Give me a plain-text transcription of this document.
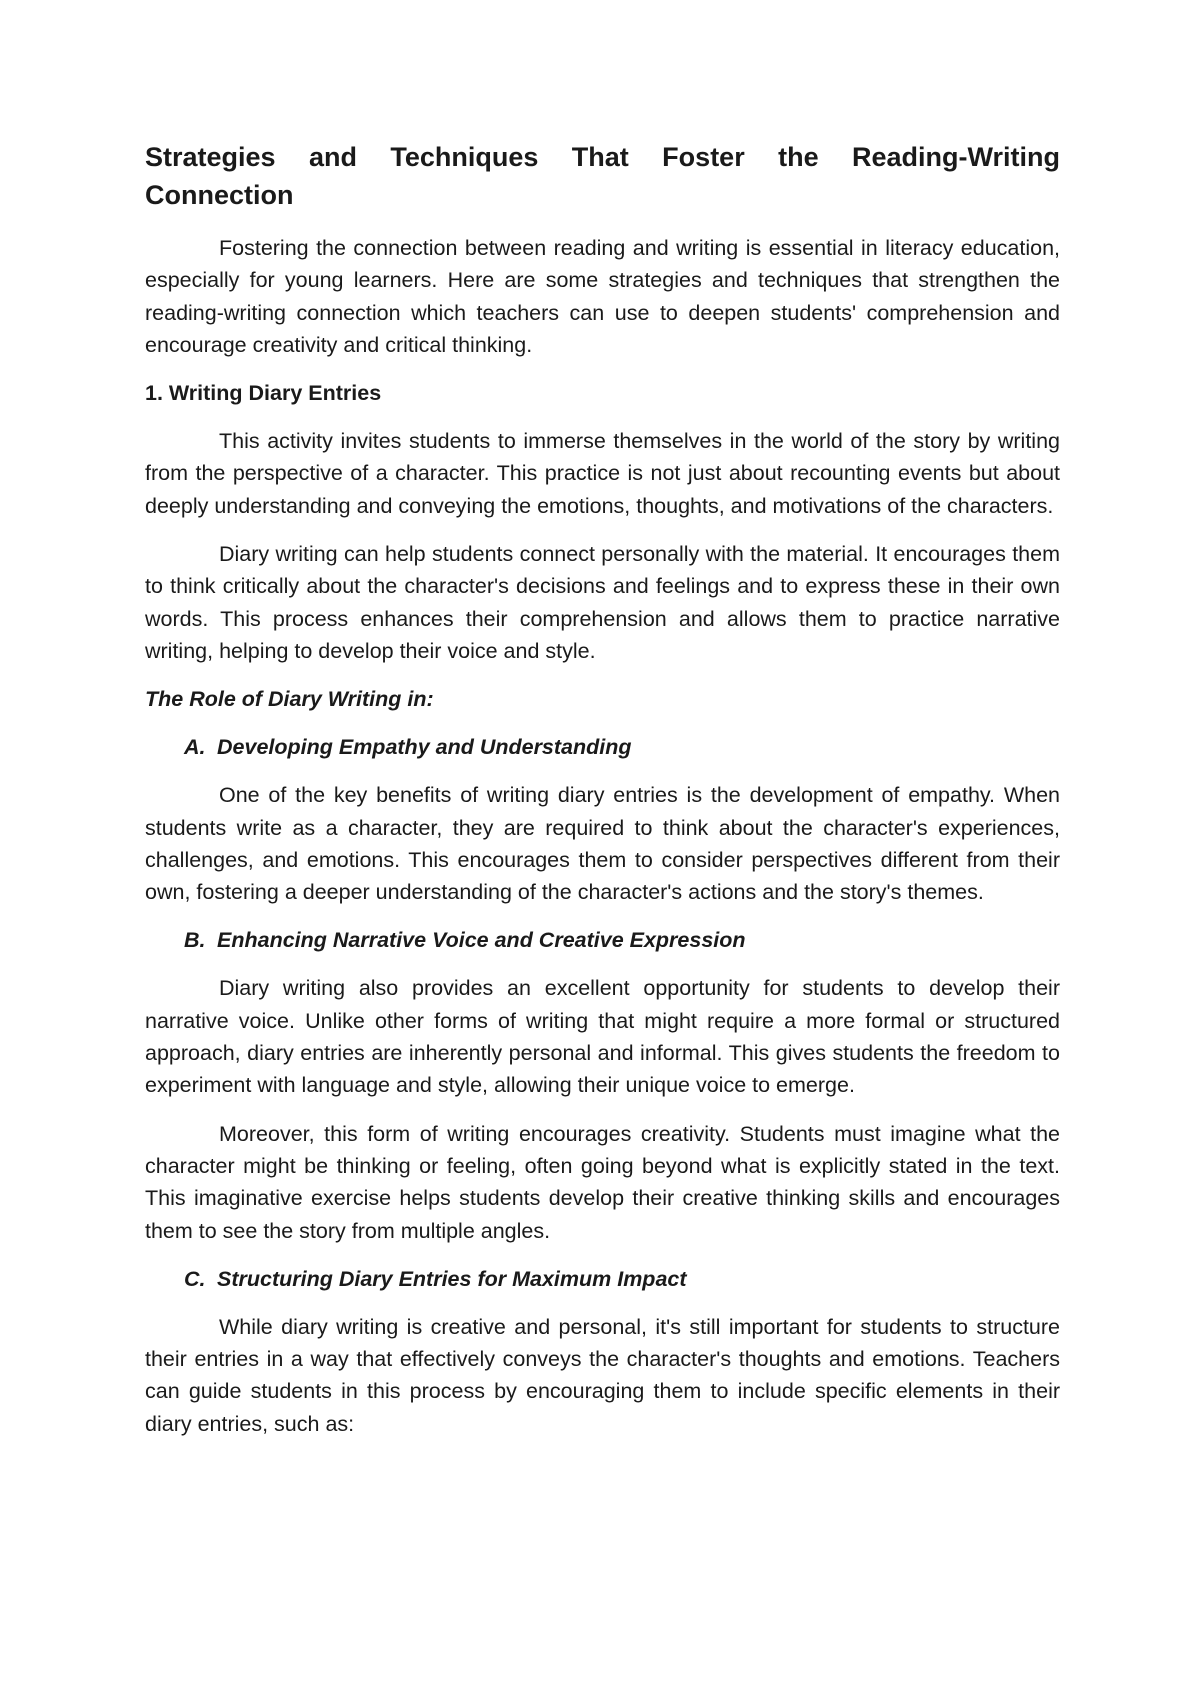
Strategies and Techniques That Foster the Reading-Writing Connection

Fostering the connection between reading and writing is essential in literacy education, especially for young learners. Here are some strategies and techniques that strengthen the reading-writing connection which teachers can use to deepen students' comprehension and encourage creativity and critical thinking.

1. Writing Diary Entries

This activity invites students to immerse themselves in the world of the story by writing from the perspective of a character. This practice is not just about recounting events but about deeply understanding and conveying the emotions, thoughts, and motivations of the characters.

Diary writing can help students connect personally with the material. It encourages them to think critically about the character's decisions and feelings and to express these in their own words. This process enhances their comprehension and allows them to practice narrative writing, helping to develop their voice and style.

The Role of Diary Writing in:
A. Developing Empathy and Understanding

One of the key benefits of writing diary entries is the development of empathy. When students write as a character, they are required to think about the character's experiences, challenges, and emotions. This encourages them to consider perspectives different from their own, fostering a deeper understanding of the character's actions and the story's themes.

B. Enhancing Narrative Voice and Creative Expression

Diary writing also provides an excellent opportunity for students to develop their narrative voice. Unlike other forms of writing that might require a more formal or structured approach, diary entries are inherently personal and informal. This gives students the freedom to experiment with language and style, allowing their unique voice to emerge.

Moreover, this form of writing encourages creativity. Students must imagine what the character might be thinking or feeling, often going beyond what is explicitly stated in the text. This imaginative exercise helps students develop their creative thinking skills and encourages them to see the story from multiple angles.

C. Structuring Diary Entries for Maximum Impact

While diary writing is creative and personal, it's still important for students to structure their entries in a way that effectively conveys the character's thoughts and emotions. Teachers can guide students in this process by encouraging them to include specific elements in their diary entries, such as:
